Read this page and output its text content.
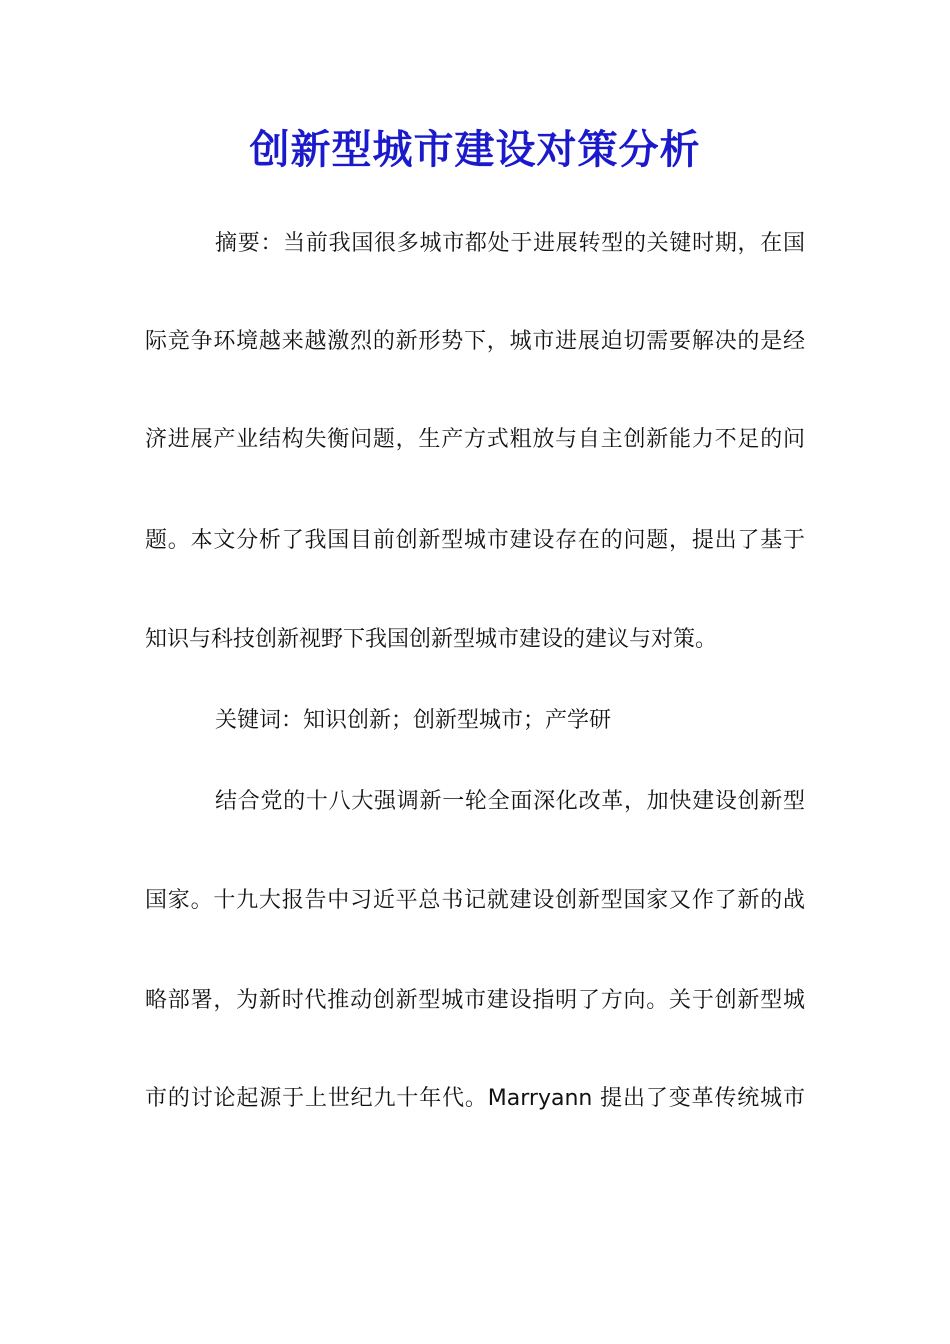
创新型城市建设对策分析
摘要：当前我国很多城市都处于进展转型的关键时期，在国
际竞争环境越来越激烈的新形势下，城市进展迫切需要解决的是经
济进展产业结构失衡问题，生产方式粗放与自主创新能力不足的问
题。本文分析了我国目前创新型城市建设存在的问题，提出了基于
知识与科技创新视野下我国创新型城市建设的建议与对策。
关键词：知识创新；创新型城市；产学研
结合党的十八大强调新一轮全面深化改革，加快建设创新型
国家。十九大报告中习近平总书记就建设创新型国家又作了新的战
略部署，为新时代推动创新型城市建设指明了方向。关于创新型城
市的讨论起源于上世纪九十年代。Marryann 提出了变革传统城市
